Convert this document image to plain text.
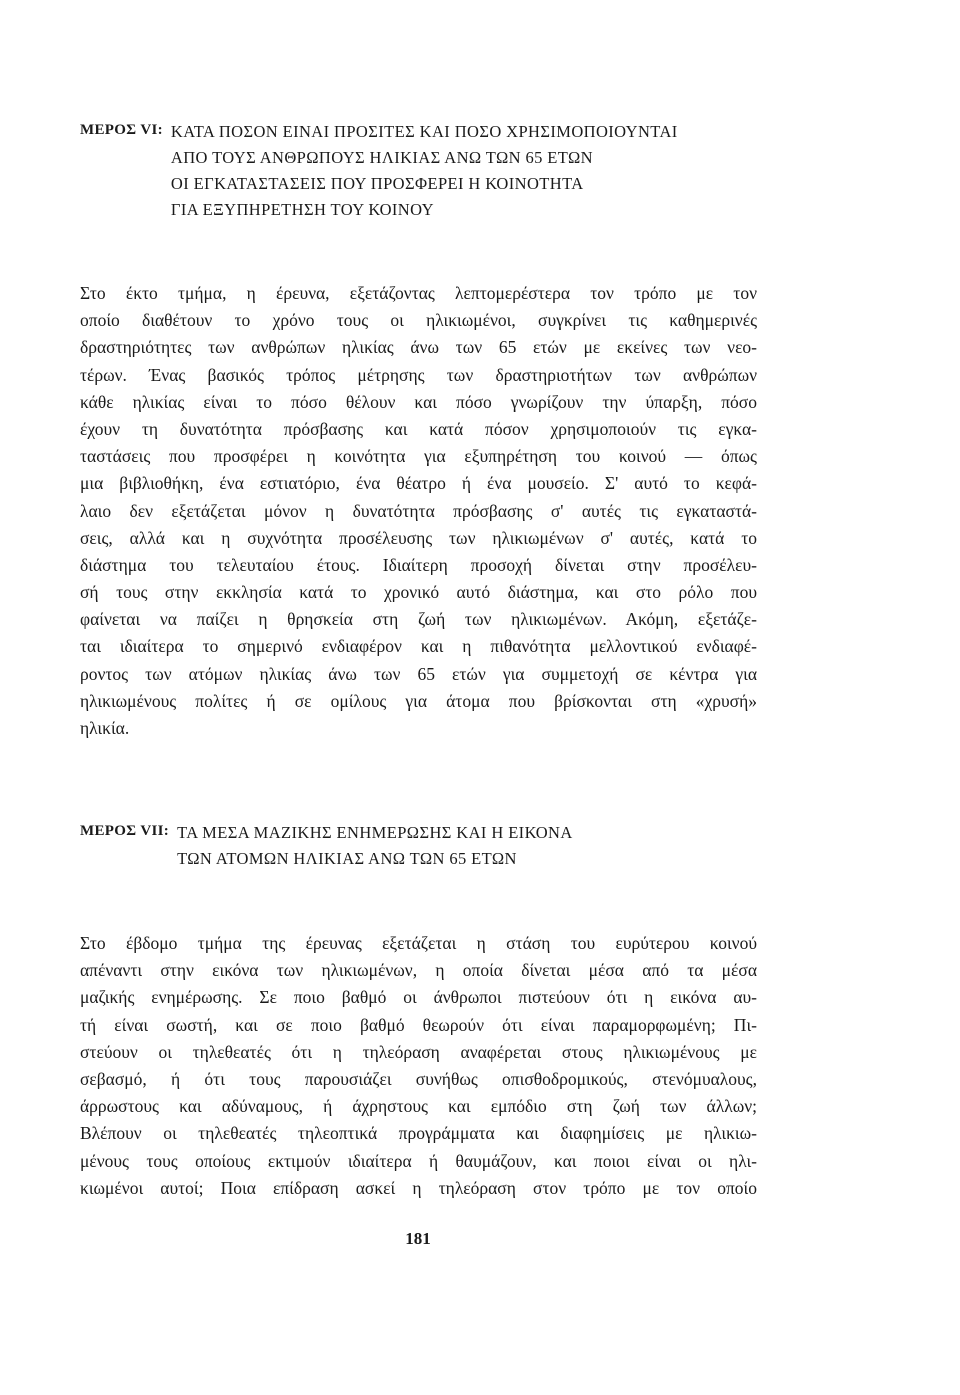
ΜΕΡΟΣ VI: ΚΑΤΑ ΠΟΣΟΝ ΕΙΝΑΙ ΠΡΟΣΙΤΕΣ ΚΑΙ ΠΟΣΟ ΧΡΗΣΙΜΟΠΟΙΟΥΝΤΑΙ
ΑΠΟ ΤΟΥΣ ΑΝΘΡΩΠΟΥΣ ΗΛΙΚΙΑΣ ΑΝΩ ΤΩΝ 65 ΕΤΩΝ
ΟΙ ΕΓΚΑΤΑΣΤΑΣΕΙΣ ΠΟΥ ΠΡΟΣΦΕΡΕΙ Η ΚΟΙΝΟΤΗΤΑ
ΓΙΑ ΕΞΥΠΗΡΕΤΗΣΗ ΤΟΥ ΚΟΙΝΟΥ
Στο έκτο τμήμα, η έρευνα, εξετάζοντας λεπτομερέστερα τον τρόπο με τον
οποίο διαθέτουν το χρόνο τους οι ηλικιωμένοι, συγκρίνει τις καθημερινές
δραστηριότητες των ανθρώπων ηλικίας άνω των 65 ετών με εκείνες των νεο-
τέρων. Ένας βασικός τρόπος μέτρησης των δραστηριοτήτων των ανθρώπων
κάθε ηλικίας είναι το πόσο θέλουν και πόσο γνωρίζουν την ύπαρξη, πόσο
έχουν τη δυνατότητα πρόσβασης και κατά πόσον χρησιμοποιούν τις εγκα-
ταστάσεις που προσφέρει η κοινότητα για εξυπηρέτηση του κοινού — όπως
μια βιβλιοθήκη, ένα εστιατόριο, ένα θέατρο ή ένα μουσείο. Σ' αυτό το κεφά-
λαιο δεν εξετάζεται μόνον η δυνατότητα πρόσβασης σ' αυτές τις εγκαταστά-
σεις, αλλά και η συχνότητα προσέλευσης των ηλικιωμένων σ' αυτές, κατά το
διάστημα του τελευταίου έτους. Ιδιαίτερη προσοχή δίνεται στην προσέλευ-
σή τους στην εκκλησία κατά το χρονικό αυτό διάστημα, και στο ρόλο που
φαίνεται να παίζει η θρησκεία στη ζωή των ηλικιωμένων. Ακόμη, εξετάζε-
ται ιδιαίτερα το σημερινό ενδιαφέρον και η πιθανότητα μελλοντικού ενδιαφέ-
ροντος των ατόμων ηλικίας άνω των 65 ετών για συμμετοχή σε κέντρα για
ηλικιωμένους πολίτες ή σε ομίλους για άτομα που βρίσκονται στη «χρυσή»
ηλικία.
ΜΕΡΟΣ VII: ΤΑ ΜΕΣΑ ΜΑΖΙΚΗΣ ΕΝΗΜΕΡΩΣΗΣ ΚΑΙ Η ΕΙΚΟΝΑ
ΤΩΝ ΑΤΟΜΩΝ ΗΛΙΚΙΑΣ ΑΝΩ ΤΩΝ 65 ΕΤΩΝ
Στο έβδομο τμήμα της έρευνας εξετάζεται η στάση του ευρύτερου κοινού
απέναντι στην εικόνα των ηλικιωμένων, η οποία δίνεται μέσα από τα μέσα
μαζικής ενημέρωσης. Σε ποιο βαθμό οι άνθρωποι πιστεύουν ότι η εικόνα αυ-
τή είναι σωστή, και σε ποιο βαθμό θεωρούν ότι είναι παραμορφωμένη; Πι-
στεύουν οι τηλεθεατές ότι η τηλεόραση αναφέρεται στους ηλικιωμένους με
σεβασμό, ή ότι τους παρουσιάζει συνήθως οπισθοδρομικούς, στενόμυαλους,
άρρωστους και αδύναμους, ή άχρηστους και εμπόδιο στη ζωή των άλλων;
Βλέπουν οι τηλεθεατές τηλεοπτικά προγράμματα και διαφημίσεις με ηλικιω-
μένους τους οποίους εκτιμούν ιδιαίτερα ή θαυμάζουν, και ποιοι είναι οι ηλι-
κιωμένοι αυτοί; Ποια επίδραση ασκεί η τηλεόραση στον τρόπο με τον οποίο
181
